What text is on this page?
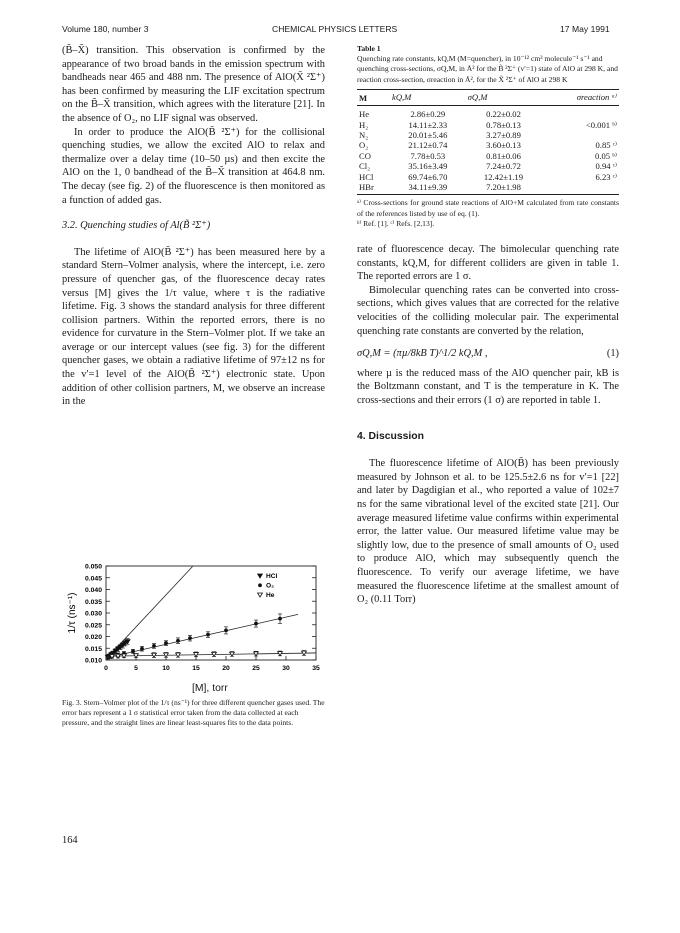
Volume 180, number 3	CHEMICAL PHYSICS LETTERS	17 May 1991

(B̃–X̃) transition. This observation is confirmed by the appearance of two broad bands in the emission spectrum with bandheads near 465 and 488 nm. The presence of AlO(X̃ ²Σ⁺) has been confirmed by measuring the LIF excitation spectrum on the B̃–X̃ transition, which agrees with the literature [21]. In the absence of O₂, no LIF signal was observed.

In order to produce the AlO(B̃ ²Σ⁺) for the collisional quenching studies, we allow the excited AlO to relax and thermalize over a delay time (10–50 µs) and then excite the AlO on the 1, 0 bandhead of the B̃–X̃ transition at 464.8 nm. The decay (see fig. 2) of the fluorescence is then monitored as a function of added gas.

3.2. Quenching studies of Al(B̃ ²Σ⁺)

The lifetime of AlO(B̃ ²Σ⁺) has been measured here by a standard Stern–Volmer analysis, where the intercept, i.e. zero pressure of quencher gas, of the fluorescence decay rates versus [M] gives the 1/τ value, where τ is the radiative lifetime. Fig. 3 shows the standard analysis for three different collision partners. Within the reported errors, there is no evidence for curvature in the Stern–Volmer plot. If we take an average or our intercept values (see fig. 3) for the different quencher gases, we obtain a radiative lifetime of 97±12 ns for the v′=1 level of the AlO(B̃ ²Σ⁺) electronic state. Upon addition of other collision partners, M, we observe an increase in the

0.010
0.015
0.020
0.025
0.030
0.035
0.040
0.045
0.050
0	5	10	15	20	25	30	35
1/τ (ns⁻¹)
HCl
O₂
He
[M], torr
Fig. 3. Stern–Volmer plot of the 1/τ (ns⁻¹) for three different quencher gases used. The error bars represent a 1 σ statistical error taken from the data collected at each pressure, and the straight lines are linear least-squares fits to the data points.
Table 1
Quenching rate constants, kQ,M (M=quencher), in 10⁻¹² cm³ molecule⁻¹ s⁻¹ and quenching cross-sections, σQ,M, in Å² for the B̃ ²Σ⁺ (v′=1) state of AlO at 298 K, and reaction cross-section, σreaction in Å², for the X̃ ²Σ⁺ of AlO at 298 K
M	kQ,M	σQ,M	σreaction ᵃ⁾
He	2.86±0.29	0.22±0.02	
H₂	14.11±2.33	0.78±0.13	<0.001 ᵇ⁾
N₂	20.01±5.46	3.27±0.89	
O₂	21.12±0.74	3.60±0.13	0.85 ᶜ⁾
CO	7.78±0.53	0.81±0.06	0.05 ᵇ⁾
Cl₂	35.16±3.49	7.24±0.72	0.94 ᶜ⁾
HCl	69.74±6.70	12.42±1.19	6.23 ᶜ⁾
HBr	34.11±9.39	7.20±1.98	
ᵃ⁾ Cross-sections for ground state reactions of AlO+M calculated from rate constants of the references listed by use of eq. (1).
ᵇ⁾ Ref. [1]. ᶜ⁾ Refs. [2,13].

rate of fluorescence decay. The bimolecular quenching rate constants, kQ,M, for different colliders are given in table 1. The reported errors are 1 σ.

Bimolecular quenching rates can be converted into cross-sections, which gives values that are corrected for the relative velocities of the colliding molecular pair. The experimental quenching rate constants are converted by the relation,

σQ,M = (πµ/8kB T)^1/2 kQ,M ,	(1)

where µ is the reduced mass of the AlO quencher pair, kB is the Boltzmann constant, and T is the temperature in K. The cross-sections and their errors (1 σ) are reported in table 1.

4. Discussion

The fluorescence lifetime of AlO(B̃) has been previously measured by Johnson et al. to be 125.5±2.6 ns for v′=1 [22] and later by Dagdigian et al., who reported a value of 102±7 ns for the same vibrational level of the excited state [21]. Our average measured lifetime value confirms within experimental error, the latter value. Our measured lifetime value may be slightly low, due to the presence of small amounts of O₂ used to produce AlO, which may subsequently quench the fluorescence. To verify our average lifetime, we have measured the fluorescence lifetime at the smallest amount of O₂ (0.11 Torr)

164
